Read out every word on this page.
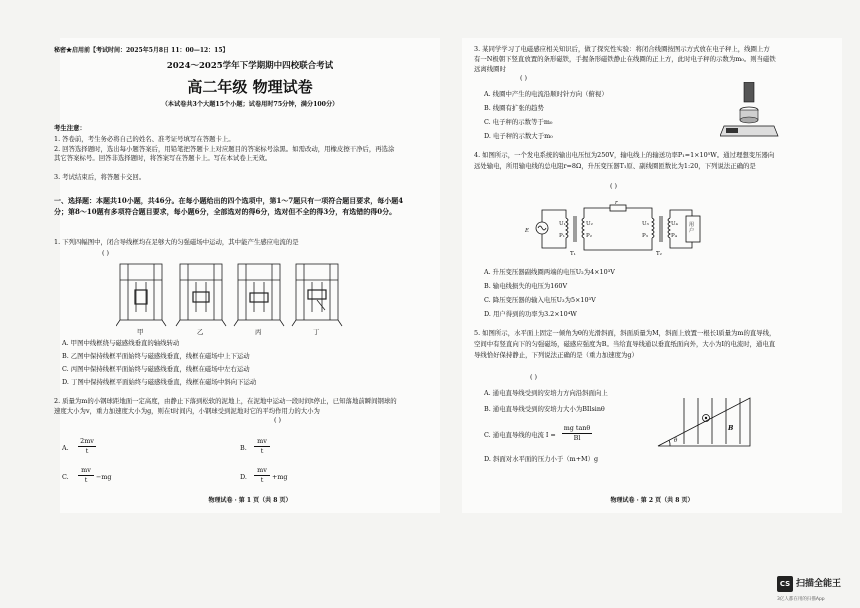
秘密★启用前【考试时间：2025年5月8日 11：00—12：15】
2024～2025学年下学期期中四校联合考试
高二年级 物理试卷
（本试卷共3个大题15个小题；试卷用时75分钟，满分100分）
考生注意：
1. 答卷前，考生务必将自己的姓名、准考证号填写在答题卡上。
2. 回答选择题时，选出每小题答案后，用铅笔把答题卡上对应题目的答案标号涂黑。如需改动，用橡皮擦干净后，再选涂其它答案标号。回答非选择题时，将答案写在答题卡上。写在本试卷上无效。
3. 考试结束后，将答题卡交回。
一、选择题：本题共10小题，共46分。在每小题给出的四个选项中，第1～7题只有一项符合题目要求，每小题4分；第8～10题有多项符合题目要求，每小题6分，全部选对的得6分，选对但不全的得3分，有选错的得0分。
1. 下列四幅图中，闭合导线框均在足够大的匀强磁场中运动，其中能产生感应电流的是
( )
甲	乙	丙	丁
A. 甲图中线框绕与磁感线垂直的轴线转动
B. 乙图中保持线框平面始终与磁感线垂直，线框在磁场中上下运动
C. 丙图中保持线框平面始终与磁感线垂直，线框在磁场中左右运动
D. 丁图中保持线框平面始终与磁感线垂直，线框在磁场中斜向下运动
2. 质量为m的小钢球距地面一定高度，由静止下落到松软的泥地上，在泥地中运动一段时间t停止，已知落地前瞬间钢球的速度大小为v，重力加速度大小为g，则在t时间内，小钢球受到泥地对它的平均作用力的大小为
( )
A.
2mv
t	B.
mv
t
C.
mv
t	−mg	D.
mv
t	+mg
物理试卷 · 第 1 页（共 8 页）
3. 某同学学习了电磁感应相关知识后，做了探究性实验：将闭合线圈按图示方式放在电子秤上，线圈上方有一N极朝下竖直放置的条形磁铁，手握条形磁铁静止在线圈的正上方，此时电子秤的示数为m₀。则当磁铁远离线圈时
( )
A. 线圈中产生的电流沿顺时针方向（俯视）
B. 线圈有扩张的趋势
C. 电子秤的示数等于m₀
D. 电子秤的示数大于m₀
4. 如图所示，一个发电系统的输出电压恒为250V，输电线上的输送功率P₁=1×10⁵W。通过理想变压器向远处输电，所用输电线的总电阻r=8Ω，升压变压器T₁原、副线圈匝数比为1:20，下列说法正确的是
( )
E
U₁
P₁
U₂
P₂
r
U₃
P₃
U₄
P₄
T₁	T₂
用户
A. 升压变压器副线圈两端的电压U₂为4×10³V
B. 输电线损失的电压为160V
C. 降压变压器的输入电压U₃为5×10³V
D. 用户得到的功率为3.2×10⁴W
5. 如图所示，水平面上固定一倾角为θ的光滑斜面，斜面质量为M，斜面上放置一根长l质量为m的直导线，空间中有竖直向下的匀强磁场，磁感应强度为B。当给直导线通以垂直纸面向外，大小为I的电流时，通电直导线恰好保持静止，下列说法正确的是（重力加速度为g）
( )
A. 通电直导线受到的安培力方向沿斜面向上
B. 通电直导线受到的安培力大小为BIlsinθ
C. 通电直导线的电流 I =
mg tanθ
Bl
D. 斜面对水平面的压力小于（m+M）g
B
θ
物理试卷 · 第 2 页（共 8 页）
CS 扫描全能王
3亿人都在用的扫描App
